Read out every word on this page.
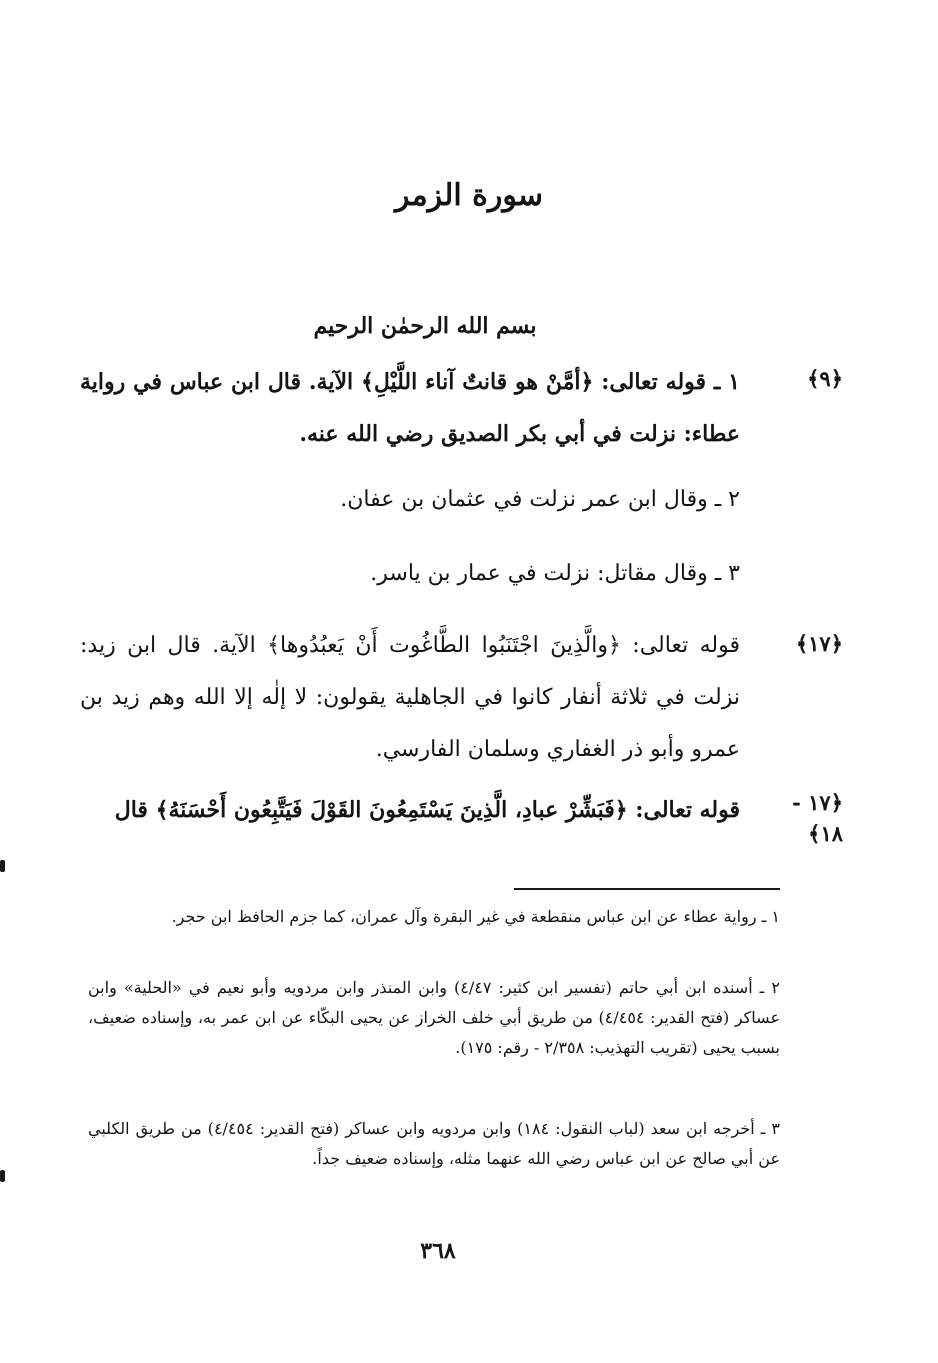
سورة الزمر
بسم الله الرحمٰن الرحيم
﴿٩﴾
١ ـ قوله تعالى: ﴿أمَّنْ هو قانتٌ آناء اللَّيْلِ﴾ الآية. قال ابن عباس في رواية عطاء: نزلت في أبي بكر الصديق رضي الله عنه.
٢ ـ وقال ابن عمر نزلت في عثمان بن عفان.
٣ ـ وقال مقاتل: نزلت في عمار بن ياسر.
﴿١٧﴾
قوله تعالى: ﴿والَّذِينَ اجْتَنَبُوا الطَّاغُوت أَنْ يَعبُدُوها﴾ الآية. قال ابن زيد: نزلت في ثلاثة أنفار كانوا في الجاهلية يقولون: لا إلٰه إلا الله وهم زيد بن عمرو وأبو ذر الغفاري وسلمان الفارسي.
﴿١٧ -
١٨﴾
قوله تعالى: ﴿فَبَشِّرْ عبادِ، الَّذِينَ يَسْتَمِعُونَ القَوْلَ فَيَتَّبِعُون أَحْسَنَهُ﴾ قال
١ ـ رواية عطاء عن ابن عباس منقطعة في غير البقرة وآل عمران، كما جزم الحافظ ابن حجر.
٢ ـ أسنده ابن أبي حاتم (تفسير ابن كثير: ٤/٤٧) وابن المنذر وابن مردويه وأبو نعيم في «الحلية» وابن عساكر (فتح القدير: ٤/٤٥٤) من طريق أبي خلف الخراز عن يحيى البكّاء عن ابن عمر به، وإسناده ضعيف، بسبب يحيى (تقريب التهذيب: ٢/٣٥٨ - رقم: ١٧٥).
٣ ـ أخرجه ابن سعد (لباب النقول: ١٨٤) وابن مردويه وابن عساكر (فتح القدير: ٤/٤٥٤) من طريق الكلبي عن أبي صالح عن ابن عباس رضي الله عنهما مثله، وإسناده ضعيف جداً.
٣٦٨
